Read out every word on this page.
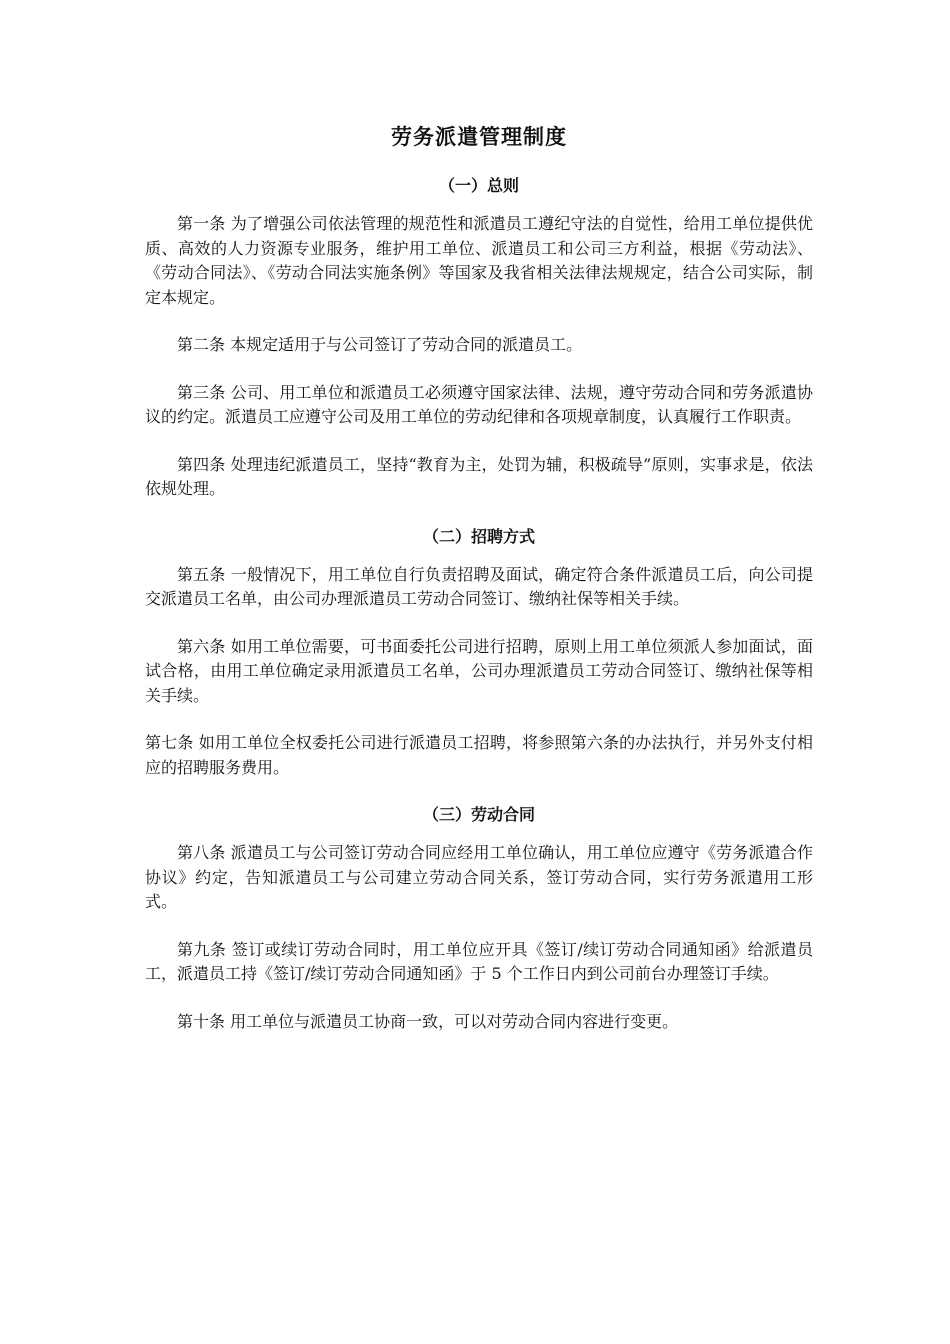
劳务派遣管理制度
（一）总则

第一条 为了增强公司依法管理的规范性和派遣员工遵纪守法的自觉性，给用工单位提供优质、高效的人力资源专业服务，维护用工单位、派遣员工和公司三方利益，根据《劳动法》、《劳动合同法》、《劳动合同法实施条例》等国家及我省相关法律法规规定，结合公司实际，制定本规定。

第二条 本规定适用于与公司签订了劳动合同的派遣员工。

第三条 公司、用工单位和派遣员工必须遵守国家法律、法规，遵守劳动合同和劳务派遣协议的约定。派遣员工应遵守公司及用工单位的劳动纪律和各项规章制度，认真履行工作职责。

第四条 处理违纪派遣员工，坚持“教育为主，处罚为辅，积极疏导”原则，实事求是，依法依规处理。

（二）招聘方式

第五条 一般情况下，用工单位自行负责招聘及面试，确定符合条件派遣员工后，向公司提交派遣员工名单，由公司办理派遣员工劳动合同签订、缴纳社保等相关手续。

第六条 如用工单位需要，可书面委托公司进行招聘，原则上用工单位须派人参加面试，面试合格，由用工单位确定录用派遣员工名单，公司办理派遣员工劳动合同签订、缴纳社保等相关手续。

第七条 如用工单位全权委托公司进行派遣员工招聘，将参照第六条的办法执行，并另外支付相应的招聘服务费用。

（三）劳动合同

第八条 派遣员工与公司签订劳动合同应经用工单位确认，用工单位应遵守《劳务派遣合作协议》约定，告知派遣员工与公司建立劳动合同关系，签订劳动合同，实行劳务派遣用工形式。

第九条 签订或续订劳动合同时，用工单位应开具《签订/续订劳动合同通知函》给派遣员工，派遣员工持《签订/续订劳动合同通知函》于 5 个工作日内到公司前台办理签订手续。

第十条 用工单位与派遣员工协商一致，可以对劳动合同内容进行变更。
